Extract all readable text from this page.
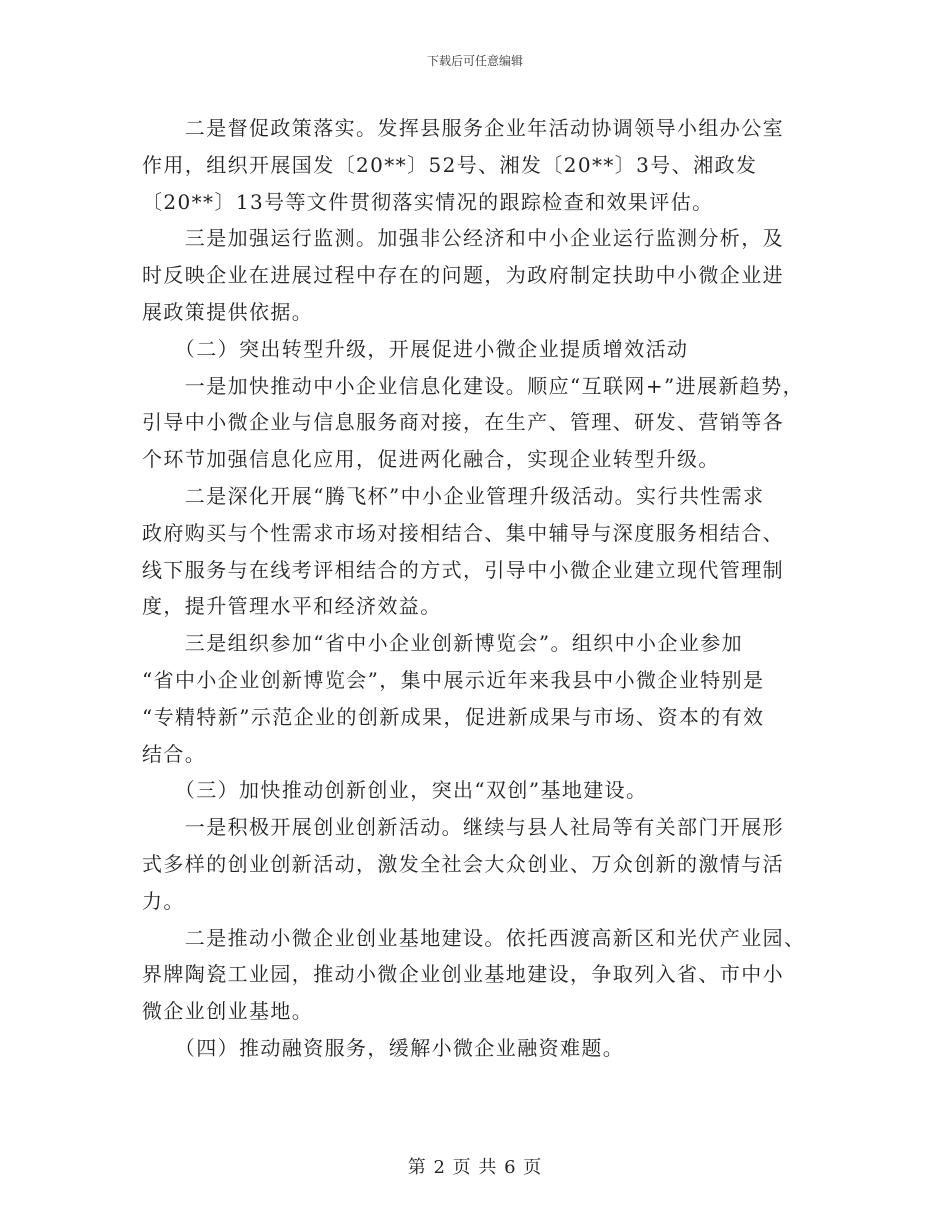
下载后可任意编辑

　　二是督促政策落实。发挥县服务企业年活动协调领导小组办公室
作用，组织开展国发〔20**〕52号、湘发〔20**〕3号、湘政发
〔20**〕13号等文件贯彻落实情况的跟踪检查和效果评估。

　　三是加强运行监测。加强非公经济和中小企业运行监测分析，及
时反映企业在进展过程中存在的问题，为政府制定扶助中小微企业进
展政策提供依据。

　　（二）突出转型升级，开展促进小微企业提质增效活动

　　一是加快推动中小企业信息化建设。顺应“互联网+”进展新趋势，
引导中小微企业与信息服务商对接，在生产、管理、研发、营销等各
个环节加强信息化应用，促进两化融合，实现企业转型升级。

　　二是深化开展“腾飞杯”中小企业管理升级活动。实行共性需求
政府购买与个性需求市场对接相结合、集中辅导与深度服务相结合、
线下服务与在线考评相结合的方式，引导中小微企业建立现代管理制
度，提升管理水平和经济效益。

　　三是组织参加“省中小企业创新博览会”。组织中小企业参加
“省中小企业创新博览会”，集中展示近年来我县中小微企业特别是
“专精特新”示范企业的创新成果，促进新成果与市场、资本的有效
结合。

　　（三）加快推动创新创业，突出“双创”基地建设。

　　一是积极开展创业创新活动。继续与县人社局等有关部门开展形
式多样的创业创新活动，激发全社会大众创业、万众创新的激情与活
力。

　　二是推动小微企业创业基地建设。依托西渡高新区和光伏产业园、
界牌陶瓷工业园，推动小微企业创业基地建设，争取列入省、市中小
微企业创业基地。

　　（四）推动融资服务，缓解小微企业融资难题。

第 2 页 共 6 页
